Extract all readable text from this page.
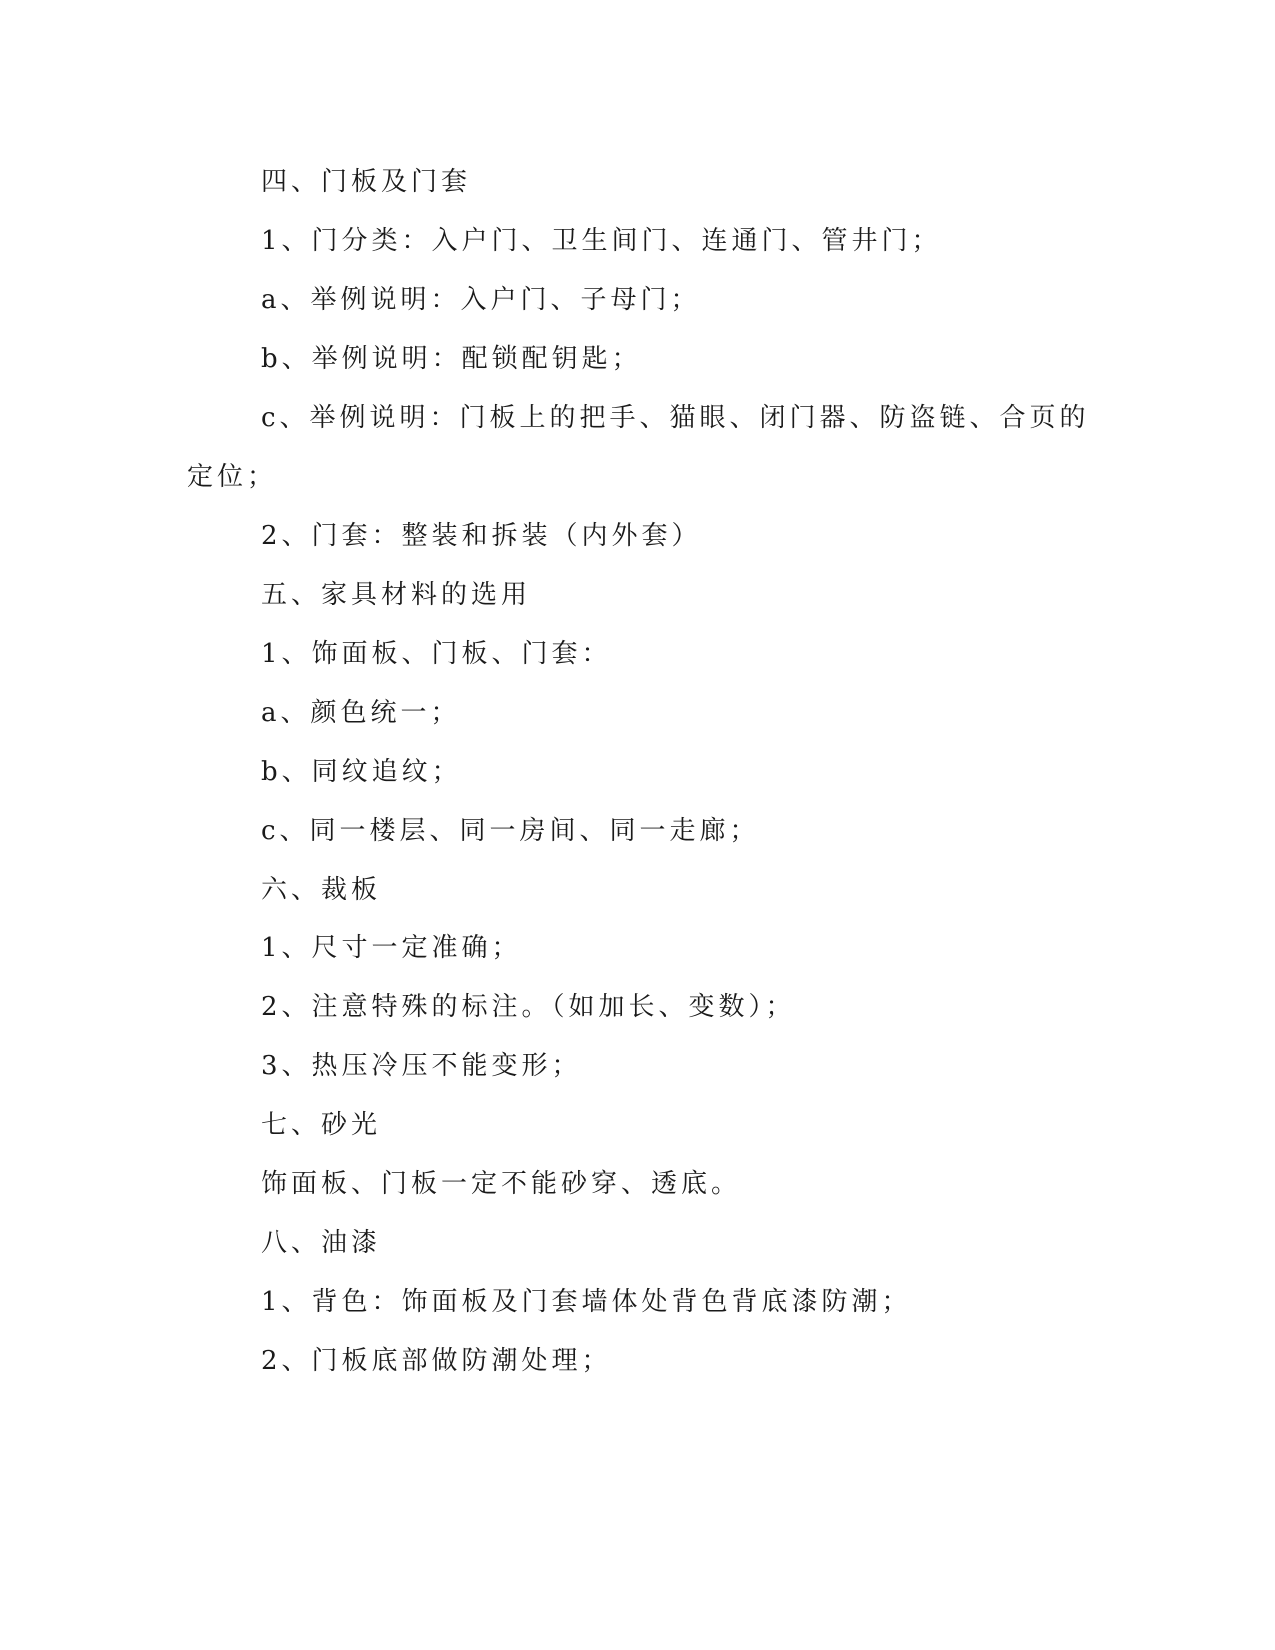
四、门板及门套
1、门分类：入户门、卫生间门、连通门、管井门；
a、举例说明：入户门、子母门；
b、举例说明：配锁配钥匙；
c、举例说明：门板上的把手、猫眼、闭门器、防盗链、合页的
定位；
2、门套：整装和拆装（内外套）
五、家具材料的选用
1、饰面板、门板、门套：
a、颜色统一；
b、同纹追纹；
c、同一楼层、同一房间、同一走廊；
六、裁板
1、尺寸一定准确；
2、注意特殊的标注。（如加长、变数）；
3、热压冷压不能变形；
七、砂光
饰面板、门板一定不能砂穿、透底。
八、油漆
1、背色：饰面板及门套墙体处背色背底漆防潮；
2、门板底部做防潮处理；
